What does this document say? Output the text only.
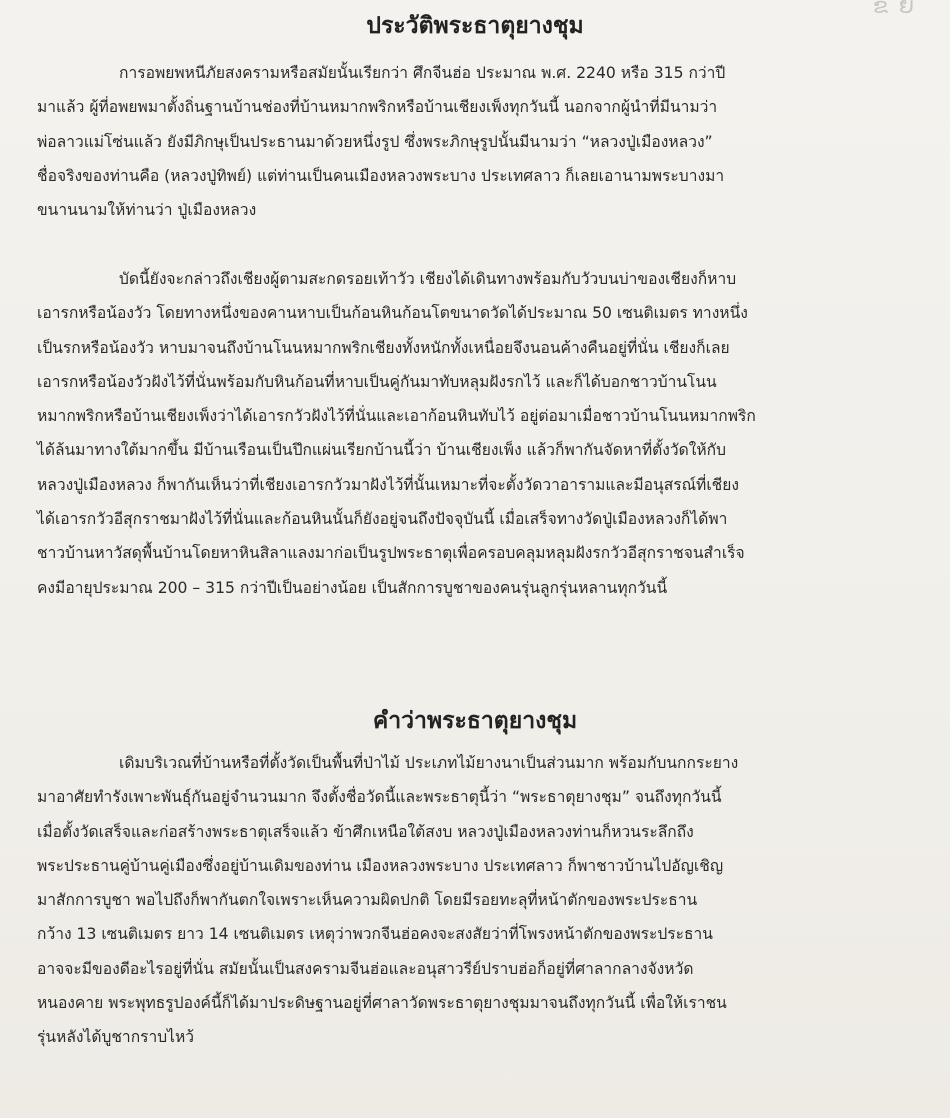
ຂ ຍ
ประวัติพระธาตุยางชุม
การอพยพหนีภัยสงครามหรือสมัยนั้นเรียกว่า ศึกจีนฮ่อ ประมาณ พ.ศ. 2240 หรือ 315 กว่าปี
มาแล้ว ผู้ที่อพยพมาตั้งถิ่นฐานบ้านช่องที่บ้านหมากพริกหรือบ้านเชียงเพ็งทุกวันนี้ นอกจากผู้นำที่มีนามว่า
พ่อลาวแม่โซ่นแล้ว ยังมีภิกษุเป็นประธานมาด้วยหนึ่งรูป ซึ่งพระภิกษุรูปนั้นมีนามว่า “หลวงปู่เมืองหลวง”
ชื่อจริงของท่านคือ (หลวงปู่ทิพย์) แต่ท่านเป็นคนเมืองหลวงพระบาง ประเทศลาว ก็เลยเอานามพระบางมา
ขนานนามให้ท่านว่า ปู่เมืองหลวง
บัดนี้ยังจะกล่าวถึงเชียงผู้ตามสะกดรอยเท้าวัว เชียงได้เดินทางพร้อมกับวัวบนบ่าของเชียงก็หาบ
เอารกหรือน้องวัว โดยทางหนึ่งของคานหาบเป็นก้อนหินก้อนโตขนาดวัดได้ประมาณ 50 เซนติเมตร ทางหนึ่ง
เป็นรกหรือน้องวัว หาบมาจนถึงบ้านโนนหมากพริกเชียงทั้งหนักทั้งเหนื่อยจึงนอนค้างคืนอยู่ที่นั่น เชียงก็เลย
เอารกหรือน้องวัวฝังไว้ที่นั่นพร้อมกับหินก้อนที่หาบเป็นคู่กันมาทับหลุมฝังรกไว้ และก็ได้บอกชาวบ้านโนน
หมากพริกหรือบ้านเชียงเพ็งว่าได้เอารกวัวฝังไว้ที่นั่นและเอาก้อนหินทับไว้ อยู่ต่อมาเมื่อชาวบ้านโนนหมากพริก
ได้ล้นมาทางใต้มากขึ้น มีบ้านเรือนเป็นปึกแผ่นเรียกบ้านนี้ว่า บ้านเชียงเพ็ง แล้วก็พากันจัดหาที่ตั้งวัดให้กับ
หลวงปู่เมืองหลวง ก็พากันเห็นว่าที่เชียงเอารกวัวมาฝังไว้ที่นั้นเหมาะที่จะตั้งวัดวาอารามและมีอนุสรณ์ที่เชียง
ได้เอารกวัวอีสุกราชมาฝังไว้ที่นั่นและก้อนหินนั้นก็ยังอยู่จนถึงปัจจุบันนี้ เมื่อเสร็จทางวัดปู่เมืองหลวงก็ได้พา
ชาวบ้านหาวัสดุพื้นบ้านโดยหาหินสิลาแลงมาก่อเป็นรูปพระธาตุเพื่อครอบคลุมหลุมฝังรกวัวอีสุกราชจนสำเร็จ
คงมีอายุประมาณ 200 – 315 กว่าปีเป็นอย่างน้อย เป็นสักการบูชาของคนรุ่นลูกรุ่นหลานทุกวันนี้
คำว่าพระธาตุยางชุม
เดิมบริเวณที่บ้านหรือที่ตั้งวัดเป็นพื้นที่ป่าไม้ ประเภทไม้ยางนาเป็นส่วนมาก พร้อมกับนกกระยาง
มาอาศัยทำรังเพาะพันธุ์กันอยู่จำนวนมาก จึงตั้งชื่อวัดนี้และพระธาตุนี้ว่า “พระธาตุยางชุม” จนถึงทุกวันนี้
เมื่อตั้งวัดเสร็จและก่อสร้างพระธาตุเสร็จแล้ว ข้าศึกเหนือใต้สงบ หลวงปู่เมืองหลวงท่านก็หวนระลึกถึง
พระประธานคู่บ้านคู่เมืองซึ่งอยู่บ้านเดิมของท่าน เมืองหลวงพระบาง ประเทศลาว ก็พาชาวบ้านไปอัญเชิญ
มาสักการบูชา พอไปถึงก็พากันตกใจเพราะเห็นความผิดปกติ โดยมีรอยทะลุที่หน้าตักของพระประธาน
กว้าง 13 เซนติเมตร ยาว 14 เซนติเมตร เหตุว่าพวกจีนฮ่อคงจะสงสัยว่าที่โพรงหน้าตักของพระประธาน
อาจจะมีของดีอะไรอยู่ที่นั่น สมัยนั้นเป็นสงครามจีนฮ่อและอนุสาวรีย์ปราบฮ่อก็อยู่ที่ศาลากลางจังหวัด
หนองคาย พระพุทธรูปองค์นี้ก็ได้มาประดิษฐานอยู่ที่ศาลาวัดพระธาตุยางชุมมาจนถึงทุกวันนี้ เพื่อให้เราชน
รุ่นหลังได้บูชากราบไหว้
